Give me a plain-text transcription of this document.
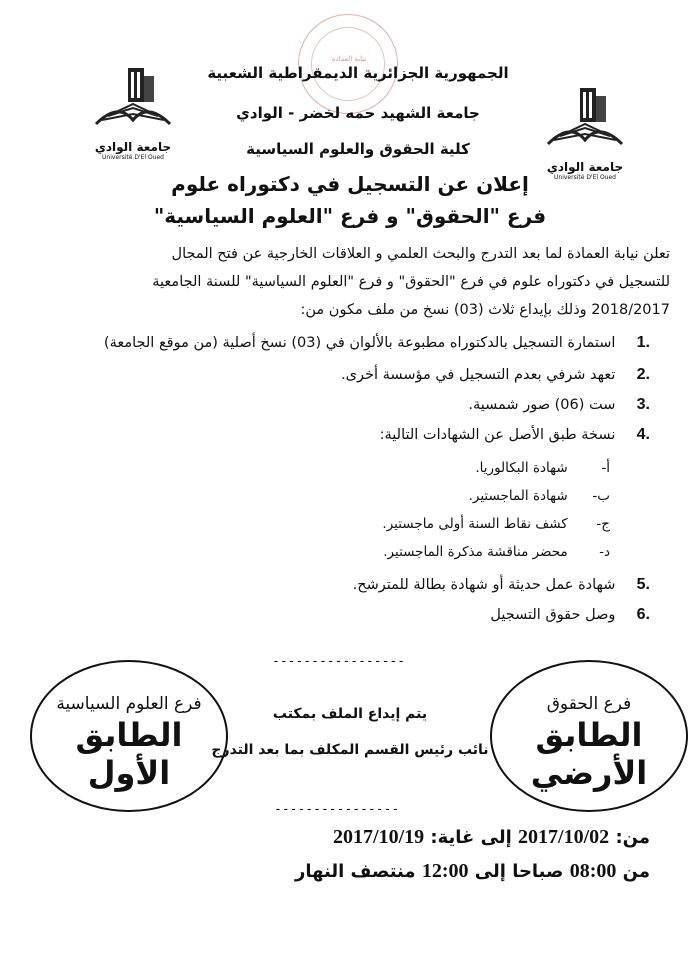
نيابة العمادة
جامعة الوادي
Université D'El Oued
جامعة الوادي
Université D'El Oued
الجمهورية الجزائرية الديمقراطية الشعبية
جامعة الشهيد حمه لخضر - الوادي
كلية الحقوق والعلوم السياسية
إعلان عن التسجيل في دكتوراه علوم
فرع "الحقوق" و فرع "العلوم السياسية"
تعلن نيابة العمادة لما بعد التدرج والبحث العلمي و العلاقات الخارجية عن فتح المجال
للتسجيل في دكتوراه علوم في فرع "الحقوق" و فرع "العلوم السياسية" للسنة الجامعية
2018/2017 وذلك بإيداع ثلاث (03) نسخ من ملف مكون من:
.1 استمارة التسجيل بالدكتوراه مطبوعة بالألوان في (03) نسخ أصلية (من موقع الجامعة)
.2 تعهد شرفي بعدم التسجيل في مؤسسة أخرى.
.3 ست (06) صور شمسية.
.4 نسخة طبق الأصل عن الشهادات التالية:
أ- شهادة البكالوريا.
ب- شهادة الماجستير.
ج- كشف نقاط السنة أولى ماجستير.
د- محضر مناقشة مذكرة الماجستير.
.5 شهادة عمل حديثة أو شهادة بطالة للمترشح.
.6 وصل حقوق التسجيل
-----------------
----------------
فرع العلوم السياسية
الطابق الأول
فرع الحقوق
الطابق الأرضي
يتم إيداع الملف بمكتب
نائب رئيس القسم المكلف بما بعد التدرج
من: 2017/10/02 إلى غاية: 2017/10/19
من 08:00 صباحا إلى 12:00 منتصف النهار
